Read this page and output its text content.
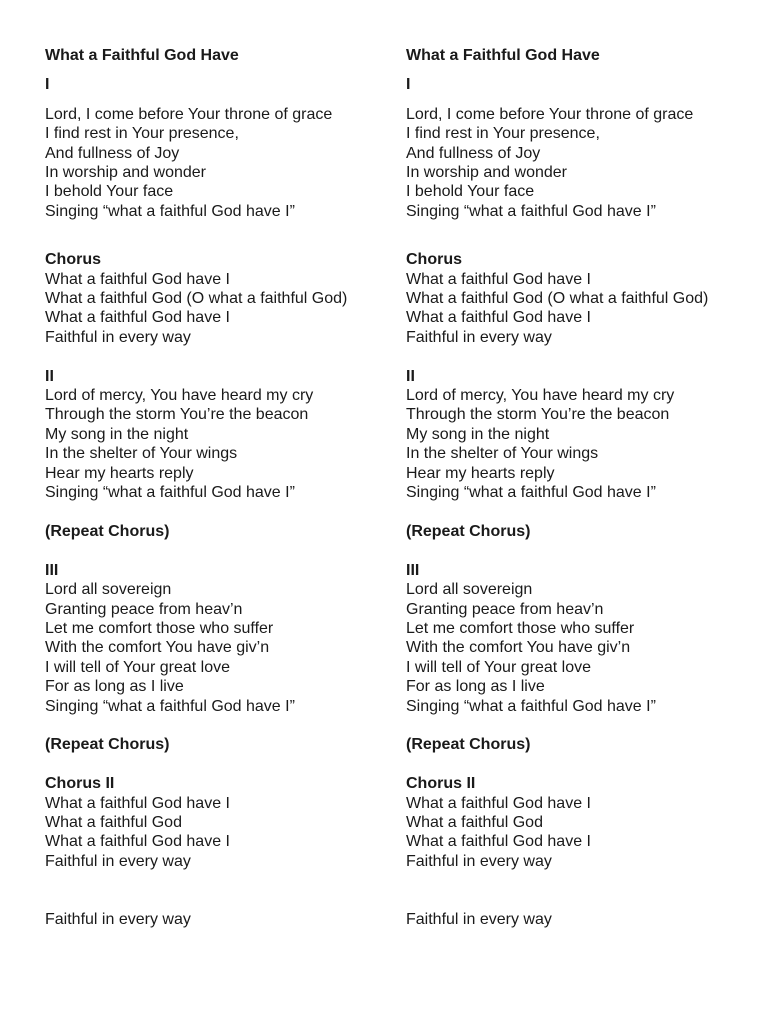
What a Faithful God Have

I

Lord, I come before Your throne of grace

I find rest in Your presence,

And fullness of Joy

In worship and wonder

I behold Your face

Singing “what a faithful God have I”

Chorus

What a faithful God have I

What a faithful God (O what a faithful God)

What a faithful God have I

Faithful in every way

II

Lord of mercy, You have heard my cry

Through the storm You’re the beacon

My song in the night

In the shelter of Your wings

Hear my hearts reply

Singing “what a faithful God have I”

(Repeat Chorus)

III

Lord all sovereign

Granting peace from heav’n

Let me comfort those who suffer

With the comfort You have giv’n

I will tell of Your great love

For as long as I live

Singing “what a faithful God have I”

(Repeat Chorus)

Chorus II

What a faithful God have I

What a faithful God

What a faithful God have I

Faithful in every way

Faithful in every way

What a Faithful God Have

I

Lord, I come before Your throne of grace

I find rest in Your presence,

And fullness of Joy

In worship and wonder

I behold Your face

Singing “what a faithful God have I”

Chorus

What a faithful God have I

What a faithful God (O what a faithful God)

What a faithful God have I

Faithful in every way

II

Lord of mercy, You have heard my cry

Through the storm You’re the beacon

My song in the night

In the shelter of Your wings

Hear my hearts reply

Singing “what a faithful God have I”

(Repeat Chorus)

III

Lord all sovereign

Granting peace from heav’n

Let me comfort those who suffer

With the comfort You have giv’n

I will tell of Your great love

For as long as I live

Singing “what a faithful God have I”

(Repeat Chorus)

Chorus II

What a faithful God have I

What a faithful God

What a faithful God have I

Faithful in every way

Faithful in every way
